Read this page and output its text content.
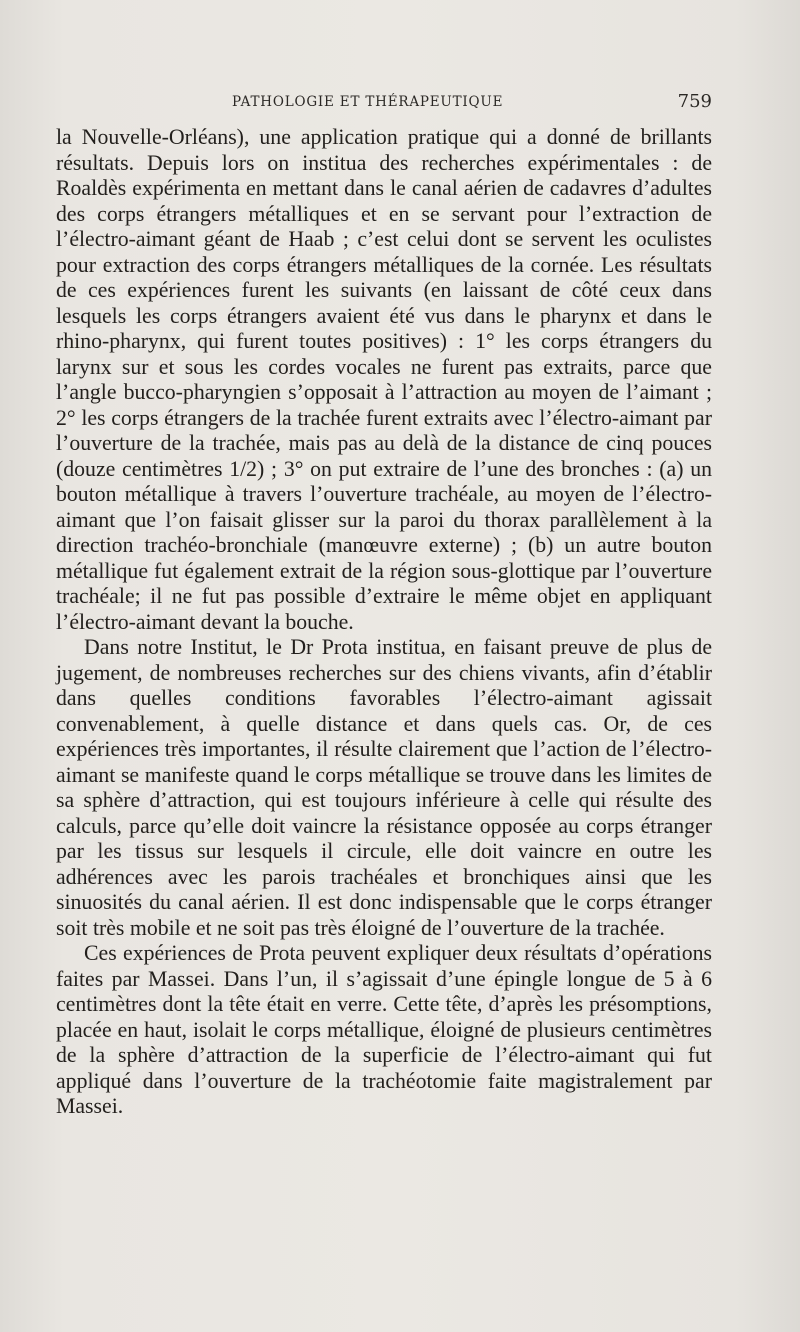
PATHOLOGIE ET THÉRAPEUTIQUE	759

la Nouvelle-Orléans), une application pratique qui a donné de brillants résultats. Depuis lors on institua des recherches expérimentales : de Roaldès expérimenta en mettant dans le canal aérien de cadavres d’adultes des corps étrangers métalliques et en se servant pour l’extraction de l’électro-aimant géant de Haab ; c’est celui dont se servent les oculistes pour extraction des corps étrangers métalliques de la cornée. Les résultats de ces expériences furent les suivants (en laissant de côté ceux dans lesquels les corps étrangers avaient été vus dans le pharynx et dans le rhino-pharynx, qui furent toutes positives) : 1° les corps étrangers du larynx sur et sous les cordes vocales ne furent pas extraits, parce que l’angle bucco-pharyngien s’opposait à l’attraction au moyen de l’aimant ; 2° les corps étrangers de la trachée furent extraits avec l’électro-aimant par l’ouverture de la trachée, mais pas au delà de la distance de cinq pouces (douze centimètres 1/2) ; 3° on put extraire de l’une des bronches : (a) un bouton métallique à travers l’ouverture trachéale, au moyen de l’électro-aimant que l’on faisait glisser sur la paroi du thorax parallèlement à la direction trachéo-bronchiale (manœuvre externe) ; (b) un autre bouton métallique fut également extrait de la région sous-glottique par l’ouverture trachéale; il ne fut pas possible d’extraire le même objet en appliquant l’électro-aimant devant la bouche.

Dans notre Institut, le Dr Prota institua, en faisant preuve de plus de jugement, de nombreuses recherches sur des chiens vivants, afin d’établir dans quelles conditions favorables l’électro-aimant agissait convenablement, à quelle distance et dans quels cas. Or, de ces expériences très importantes, il résulte clairement que l’action de l’électro-aimant se manifeste quand le corps métallique se trouve dans les limites de sa sphère d’attraction, qui est toujours inférieure à celle qui résulte des calculs, parce qu’elle doit vaincre la résistance opposée au corps étranger par les tissus sur lesquels il circule, elle doit vaincre en outre les adhérences avec les parois trachéales et bronchiques ainsi que les sinuosités du canal aérien. Il est donc indispensable que le corps étranger soit très mobile et ne soit pas très éloigné de l’ouverture de la trachée.

Ces expériences de Prota peuvent expliquer deux résultats d’opérations faites par Massei. Dans l’un, il s’agissait d’une épingle longue de 5 à 6 centimètres dont la tête était en verre. Cette tête, d’après les présomptions, placée en haut, isolait le corps métallique, éloigné de plusieurs centimètres de la sphère d’attraction de la superficie de l’électro-aimant qui fut appliqué dans l’ouverture de la trachéotomie faite magistralement par Massei.
